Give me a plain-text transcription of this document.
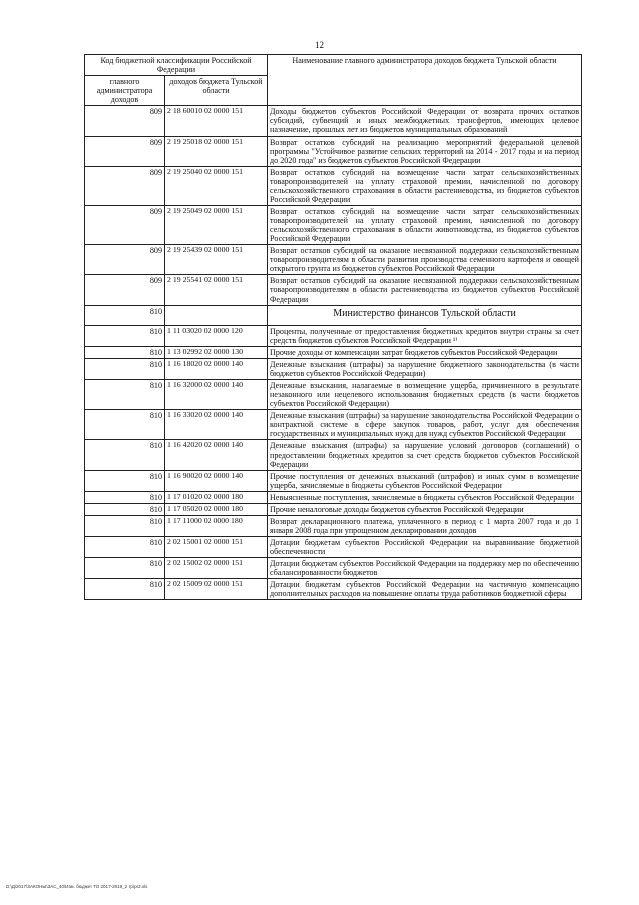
12
Код бюджетной классификации Российской Федерации		Наименование главного администратора доходов бюджета Тульской области
главного администратора доходов	доходов бюджета Тульской области	
809	2 18 60010 02 0000 151	Доходы бюджетов субъектов Российской Федерации от возврата прочих остатков субсидий, субвенций и иных межбюджетных трансфертов, имеющих целевое назначение, прошлых лет из бюджетов муниципальных образований
809	2 19 25018 02 0000 151	Возврат остатков субсидий на реализацию мероприятий федеральной целевой программы "Устойчивое развитие сельских территорий на 2014 - 2017 годы и на период до 2020 года" из бюджетов субъектов Российской Федерации
809	2 19 25040 02 0000 151	Возврат остатков субсидий на возмещение части затрат сельскохозяйственных товаропроизводителей на уплату страховой премии, начисленной по договору сельскохозяйственного страхования в области растениеводства, из бюджетов субъектов Российской Федерации
809	2 19 25049 02 0000 151	Возврат остатков субсидий на возмещение части затрат сельскохозяйственных товаропроизводителей на уплату страховой премии, начисленной по договору сельскохозяйственного страхования в области животноводства, из бюджетов субъектов Российской Федерации
809	2 19 25439 02 0000 151	Возврат остатков субсидий на оказание несвязанной поддержки сельскохозяйственным товаропроизводителям в области развития производства семенного картофеля и овощей открытого грунта из бюджетов субъектов Российской Федерации
809	2 19 25541 02 0000 151	Возврат остатков субсидий на оказание несвязанной поддержки сельскохозяйственным товаропроизводителям в области растениеводства из бюджетов субъектов Российской Федерации
810		Министерство финансов Тульской области
810	1 11 03020 02 0000 120	Проценты, полученные от предоставления бюджетных кредитов внутри страны за счет средств бюджетов субъектов Российской Федерации ¹⁾
810	1 13 02992 02 0000 130	Прочие доходы от компенсации затрат бюджетов субъектов Российской Федерации
810	1 16 18020 02 0000 140	Денежные взыскания (штрафы) за нарушение бюджетного законодательства (в части бюджетов субъектов Российской Федерации)
810	1 16 32000 02 0000 140	Денежные взыскания, налагаемые в возмещение ущерба, причиненного в результате незаконного или нецелевого использования бюджетных средств (в части бюджетов субъектов Российской Федерации)
810	1 16 33020 02 0000 140	Денежные взыскания (штрафы) за нарушение законодательства Российской Федерации о контрактной системе в сфере закупок товаров, работ, услуг для обеспечения государственных и муниципальных нужд для нужд субъектов Российской Федерации
810	1 16 42020 02 0000 140	Денежные взыскания (штрафы) за нарушение условий договоров (соглашений) о предоставлении бюджетных кредитов за счет средств бюджетов субъектов Российской Федерации
810	1 16 90020 02 0000 140	Прочие поступления от денежных взысканий (штрафов) и иных сумм в возмещение ущерба, зачисляемые в бюджеты субъектов Российской Федерации
810	1 17 01020 02 0000 180	Невыясненные поступления, зачисляемые в бюджеты субъектов Российской Федерации
810	1 17 05020 02 0000 180	Прочие неналоговые доходы бюджетов субъектов Российской Федерации
810	1 17 11000 02 0000 180	Возврат декларационного платежа, уплаченного в период с 1 марта 2007 года и до 1 января 2008 года при упрощенном декларировании доходов
810	2 02 15001 02 0000 151	Дотации бюджетам субъектов Российской Федерации на выравнивание бюджетной обеспеченности
810	2 02 15002 02 0000 151	Дотации бюджетам субъектов Российской Федерации на поддержку мер по обеспечению сбалансированности бюджетов
810	2 02 15009 02 0000 151	Дотации бюджетам субъектов Российской Федерации на частичную компенсацию дополнительных расходов на повышение оплаты труда работников бюджетной сферы
D:\Д\2017\ЗАКОНЫ\ЗАС_40\Изм. бюджет ТО 2017-2019_2 тр\pr2.xls
